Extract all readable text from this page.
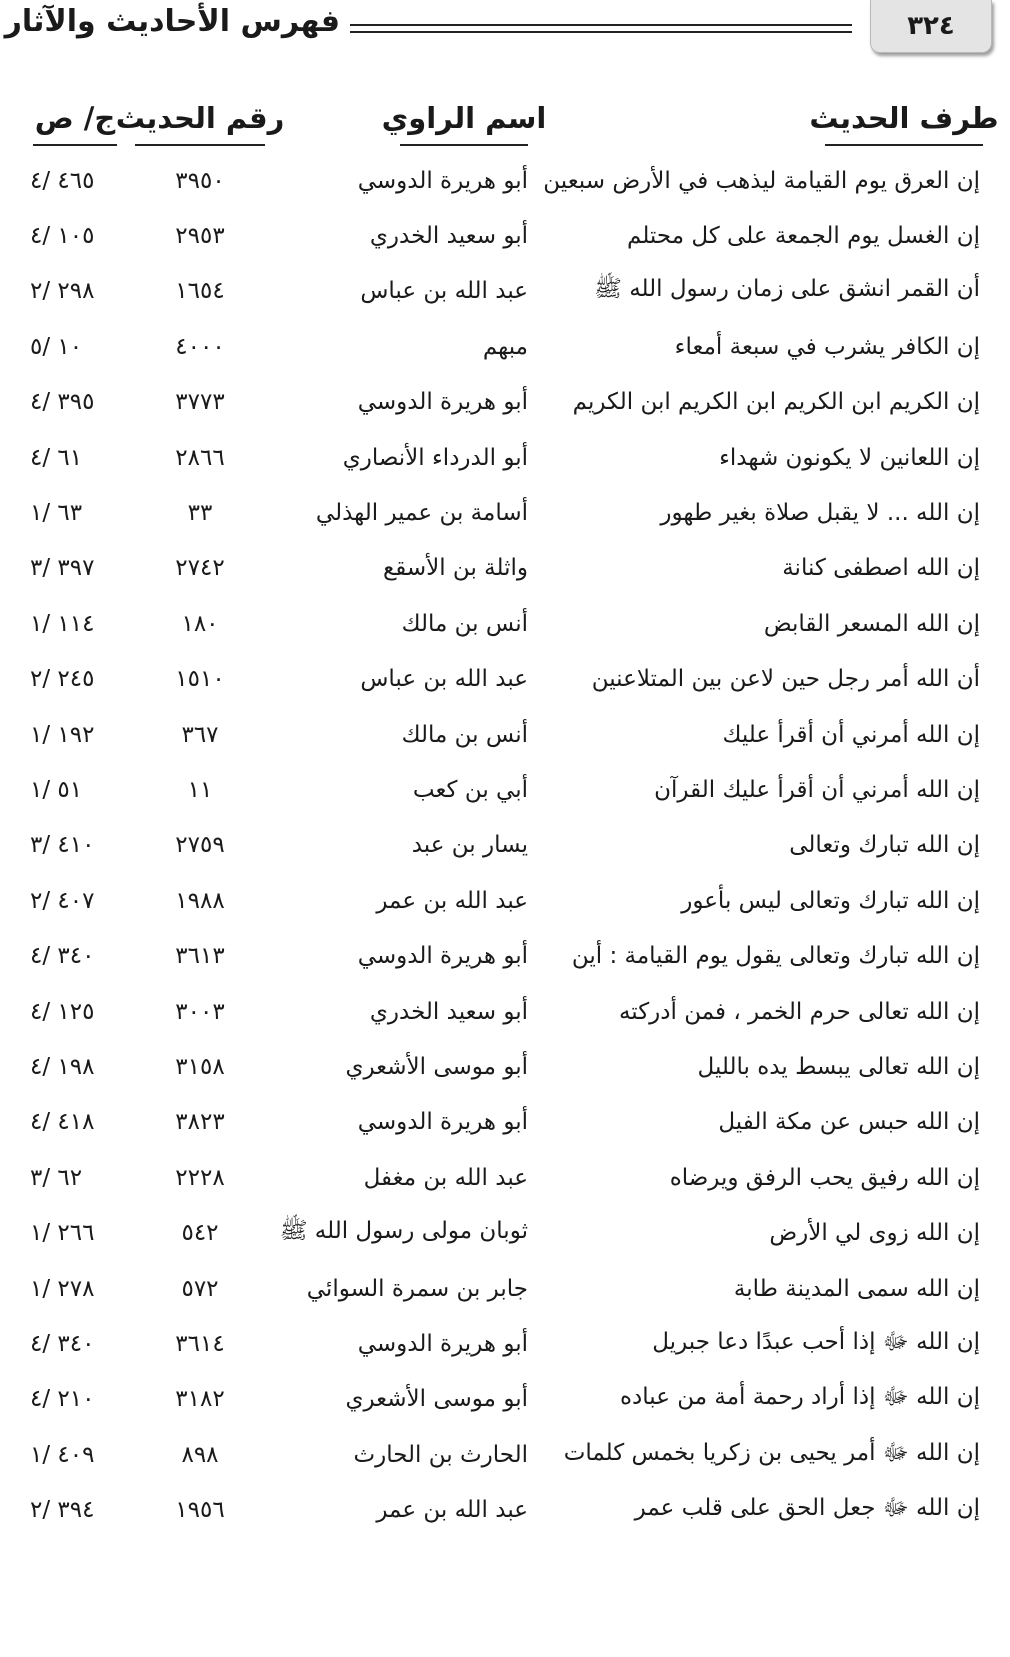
٣٢٤
فهرس الأحاديث والآثار
طرف الحديث
اسم الراوي
رقم الحديث
ج/ ص
إن العرق يوم القيامة ليذهب في الأرض سبعين
أبو هريرة الدوسي
٣٩٥٠
٤٦٥ /٤
إن الغسل يوم الجمعة على كل محتلم
أبو سعيد الخدري
٢٩٥٣
١٠٥ /٤
أن القمر انشق على زمان رسول الله ﷺ
عبد الله بن عباس
١٦٥٤
٢٩٨ /٢
إن الكافر يشرب في سبعة أمعاء
مبهم
٤٠٠٠
١٠ /٥
إن الكريم ابن الكريم ابن الكريم ابن الكريم
أبو هريرة الدوسي
٣٧٧٣
٣٩٥ /٤
إن اللعانين لا يكونون شهداء
أبو الدرداء الأنصاري
٢٨٦٦
٦١ /٤
إن الله ... لا يقبل صلاة بغير طهور
أسامة بن عمير الهذلي
٣٣
٦٣ /١
إن الله اصطفى كنانة
واثلة بن الأسقع
٢٧٤٢
٣٩٧ /٣
إن الله المسعر القابض
أنس بن مالك
١٨٠
١١٤ /١
أن الله أمر رجل حين لاعن بين المتلاعنين
عبد الله بن عباس
١٥١٠
٢٤٥ /٢
إن الله أمرني أن أقرأ عليك
أنس بن مالك
٣٦٧
١٩٢ /١
إن الله أمرني أن أقرأ عليك القرآن
أبي بن كعب
١١
٥١ /١
إن الله تبارك وتعالى
يسار بن عبد
٢٧٥٩
٤١٠ /٣
إن الله تبارك وتعالى ليس بأعور
عبد الله بن عمر
١٩٨٨
٤٠٧ /٢
إن الله تبارك وتعالى يقول يوم القيامة : أين
أبو هريرة الدوسي
٣٦١٣
٣٤٠ /٤
إن الله تعالى حرم الخمر ، فمن أدركته
أبو سعيد الخدري
٣٠٠٣
١٢٥ /٤
إن الله تعالى يبسط يده بالليل
أبو موسى الأشعري
٣١٥٨
١٩٨ /٤
إن الله حبس عن مكة الفيل
أبو هريرة الدوسي
٣٨٢٣
٤١٨ /٤
إن الله رفيق يحب الرفق ويرضاه
عبد الله بن مغفل
٢٢٢٨
٦٢ /٣
إن الله زوى لي الأرض
ثوبان مولى رسول الله ﷺ
٥٤٢
٢٦٦ /١
إن الله سمى المدينة طابة
جابر بن سمرة السوائي
٥٧٢
٢٧٨ /١
إن الله ﷻ إذا أحب عبدًا دعا جبريل
أبو هريرة الدوسي
٣٦١٤
٣٤٠ /٤
إن الله ﷻ إذا أراد رحمة أمة من عباده
أبو موسى الأشعري
٣١٨٢
٢١٠ /٤
إن الله ﷻ أمر يحيى بن زكريا بخمس كلمات
الحارث بن الحارث
٨٩٨
٤٠٩ /١
إن الله ﷻ جعل الحق على قلب عمر
عبد الله بن عمر
١٩٥٦
٣٩٤ /٢
